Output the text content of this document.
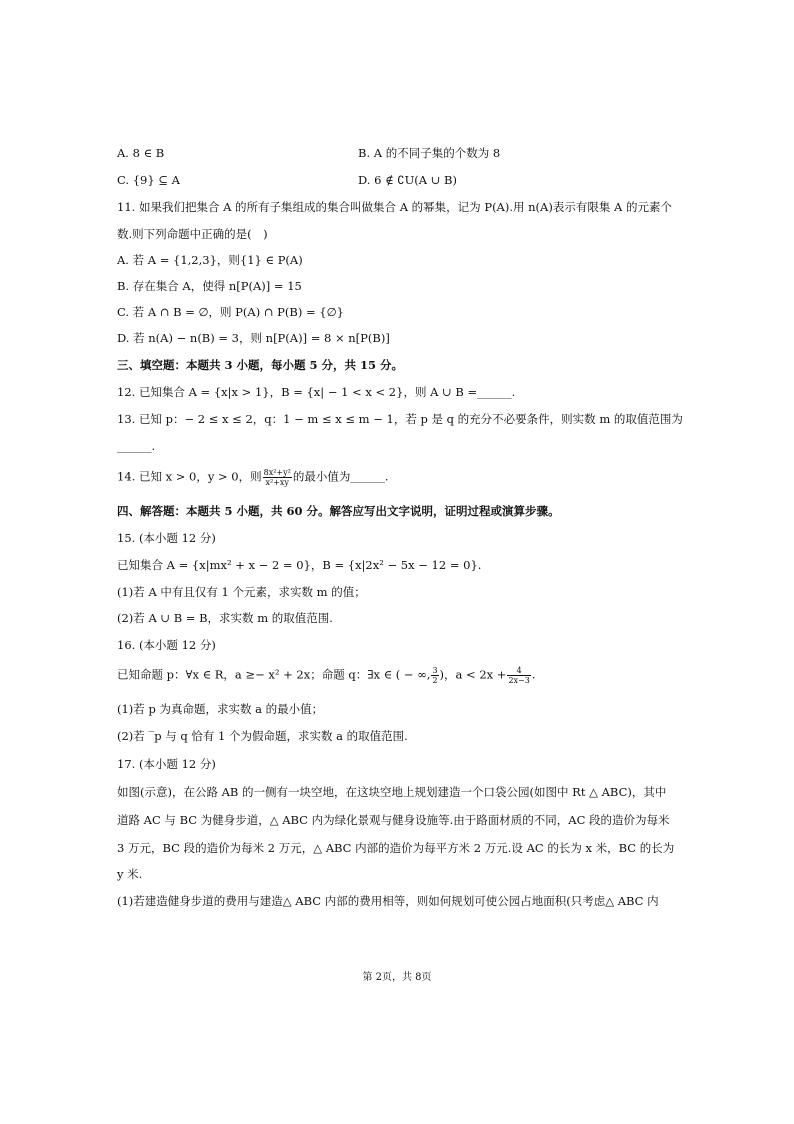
A. 8 ∈ B	B. A 的不同子集的个数为 8
C. {9} ⊆ A	D. 6 ∉ ∁U(A ∪ B)
11. 如果我们把集合 A 的所有子集组成的集合叫做集合 A 的幂集，记为 P(A).用 n(A)表示有限集 A 的元素个
数.则下列命题中正确的是(　)
A. 若 A = {1,2,3}，则{1} ∈ P(A)
B. 存在集合 A，使得 n[P(A)] = 15
C. 若 A ∩ B = ∅，则 P(A) ∩ P(B) = {∅}
D. 若 n(A) − n(B) = 3，则 n[P(A)] = 8 × n[P(B)]
三、填空题：本题共 3 小题，每小题 5 分，共 15 分。
12. 已知集合 A = {x|x > 1}，B = {x| − 1 < x < 2}，则 A ∪ B =______.
13. 已知 p：− 2 ≤ x ≤ 2，q：1 − m ≤ x ≤ m − 1，若 p 是 q 的充分不必要条件，则实数 m 的取值范围为
______.
14. 已知 x > 0，y > 0，则 $\frac{\text{8x²+y²}}{\text{x²+xy}}$ 的最小值为______.
四、解答题：本题共 5 小题，共 60 分。解答应写出文字说明，证明过程或演算步骤。
15. (本小题 12 分)
已知集合 A = {x|mx² + x − 2 = 0}，B = {x|2x² − 5x − 12 = 0}.
(1)若 A 中有且仅有 1 个元素，求实数 m 的值；
(2)若 A ∪ B = B，求实数 m 的取值范围.
16. (本小题 12 分)
已知命题 p：∀x ∈ R，a ≥− x² + 2x；命题 q：∃x ∈ ( − ∞, $\frac{3}{2}$ )，$a < 2x + \frac{4}{2x-3}$ .
(1)若 p 为真命题，求实数 a 的最小值；
(2)若 ‾p 与 q 恰有 1 个为假命题，求实数 a 的取值范围.
17. (本小题 12 分)
如图(示意)，在公路 AB 的一侧有一块空地，在这块空地上规划建造一个口袋公园(如图中 Rt △ ABC)，其中
道路 AC 与 BC 为健身步道，△ ABC 内为绿化景观与健身设施等.由于路面材质的不同，AC 段的造价为每米
3 万元，BC 段的造价为每米 2 万元，△ ABC 内部的造价为每平方米 2 万元.设 AC 的长为 x 米，BC 的长为
y 米.
(1)若建造健身步道的费用与建造△ ABC 内部的费用相等，则如何规划可使公园占地面积(只考虑△ ABC 内
第 2页，共 8页
